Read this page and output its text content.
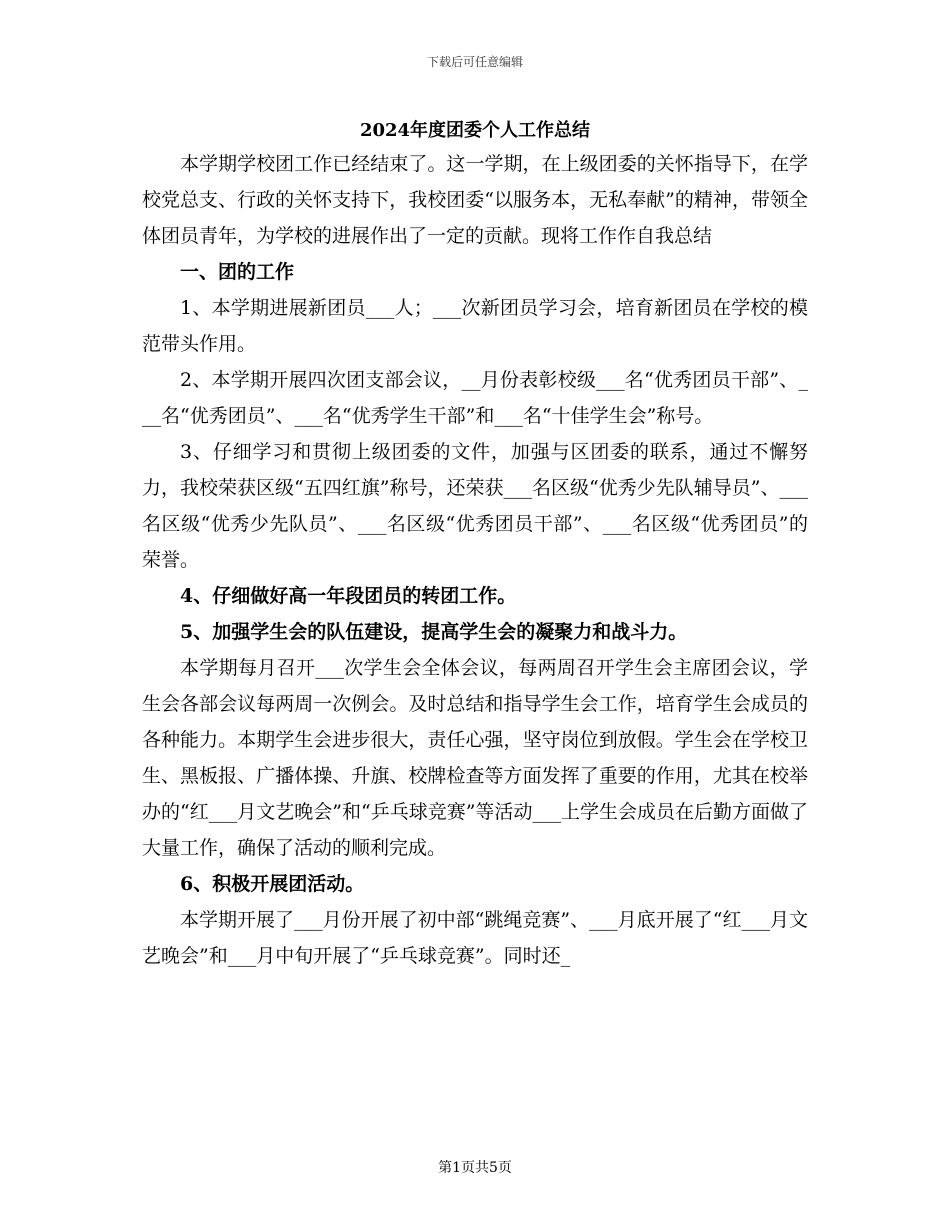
下载后可任意编辑
2024年度团委个人工作总结

本学期学校团工作已经结束了。这一学期，在上级团委的关怀指导下，在学校党总支、行政的关怀支持下，我校团委“以服务本，无私奉献”的精神，带领全体团员青年，为学校的进展作出了一定的贡献。现将工作作自我总结

一、团的工作

1、本学期进展新团员___人；___次新团员学习会，培育新团员在学校的模范带头作用。

2、本学期开展四次团支部会议，__月份表彰校级___名“优秀团员干部”、___名“优秀团员”、___名“优秀学生干部”和___名“十佳学生会”称号。

3、仔细学习和贯彻上级团委的文件，加强与区团委的联系，通过不懈努力，我校荣获区级“五四红旗”称号，还荣获___名区级“优秀少先队辅导员”、___名区级“优秀少先队员”、___名区级“优秀团员干部”、___名区级“优秀团员”的荣誉。

4、仔细做好高一年段团员的转团工作。

5、加强学生会的队伍建设，提高学生会的凝聚力和战斗力。

本学期每月召开___次学生会全体会议，每两周召开学生会主席团会议，学生会各部会议每两周一次例会。及时总结和指导学生会工作，培育学生会成员的各种能力。本期学生会进步很大，责任心强，坚守岗位到放假。学生会在学校卫生、黑板报、广播体操、升旗、校牌检查等方面发挥了重要的作用，尤其在校举办的“红___月文艺晚会”和“乒乓球竞赛”等活动___上学生会成员在后勤方面做了大量工作，确保了活动的顺利完成。

6、积极开展团活动。

本学期开展了___月份开展了初中部“跳绳竞赛”、___月底开展了“红___月文艺晚会”和___月中旬开展了“乒乓球竞赛”。同时还_

第1页共5页
